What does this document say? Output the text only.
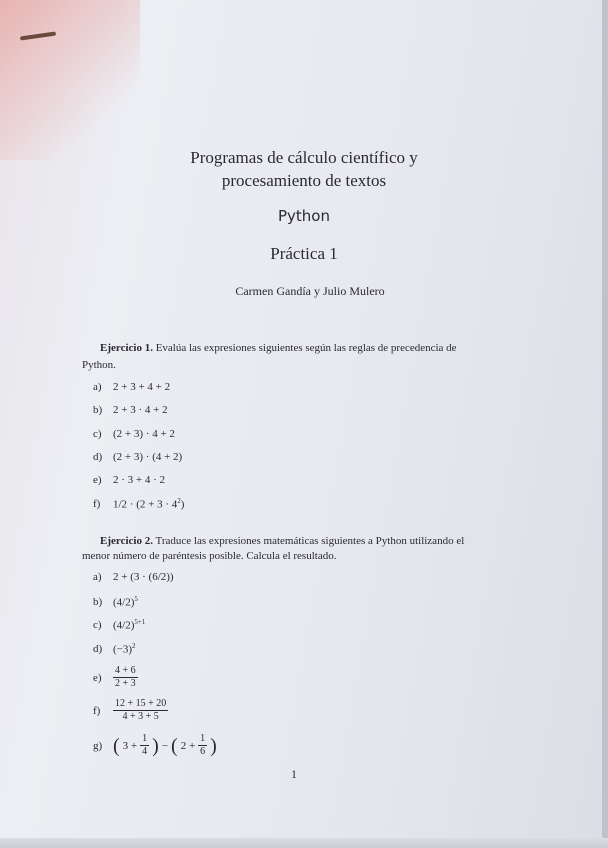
Programas de cálculo científico y
procesamiento de textos
Python
Práctica 1
Carmen Gandía y Julio Mulero
Ejercicio 1. Evalúa las expresiones siguientes según las reglas de precedencia de
Python.
a)	2 + 3 + 4 + 2
b) 2 + 3 · 4 + 2
c)	(2 + 3) · 4 + 2
d) (2 + 3) · (4 + 2)
e)	2 · 3 + 4 · 2
f)	$1/2 \cdot (2 + 3 \cdot 4^2)$
Ejercicio 2. Traduce las expresiones matemáticas siguientes a Python utilizando el
menor número de paréntesis posible. Calcula el resultado.
a)	2 + (3 · (6/2))
b) $(4/2)^5$
c)	$(4/2)^{5+1}$
d) $(-3)^2$
e)	$\frac{4 + 6}{2 + 3}$
f)	$\frac{12 + 15 + 20}{4 + 3 + 5}$
g) ( $3 + \frac{1}{4}$ ) − ( $2 + \frac{1}{6}$ )
1
